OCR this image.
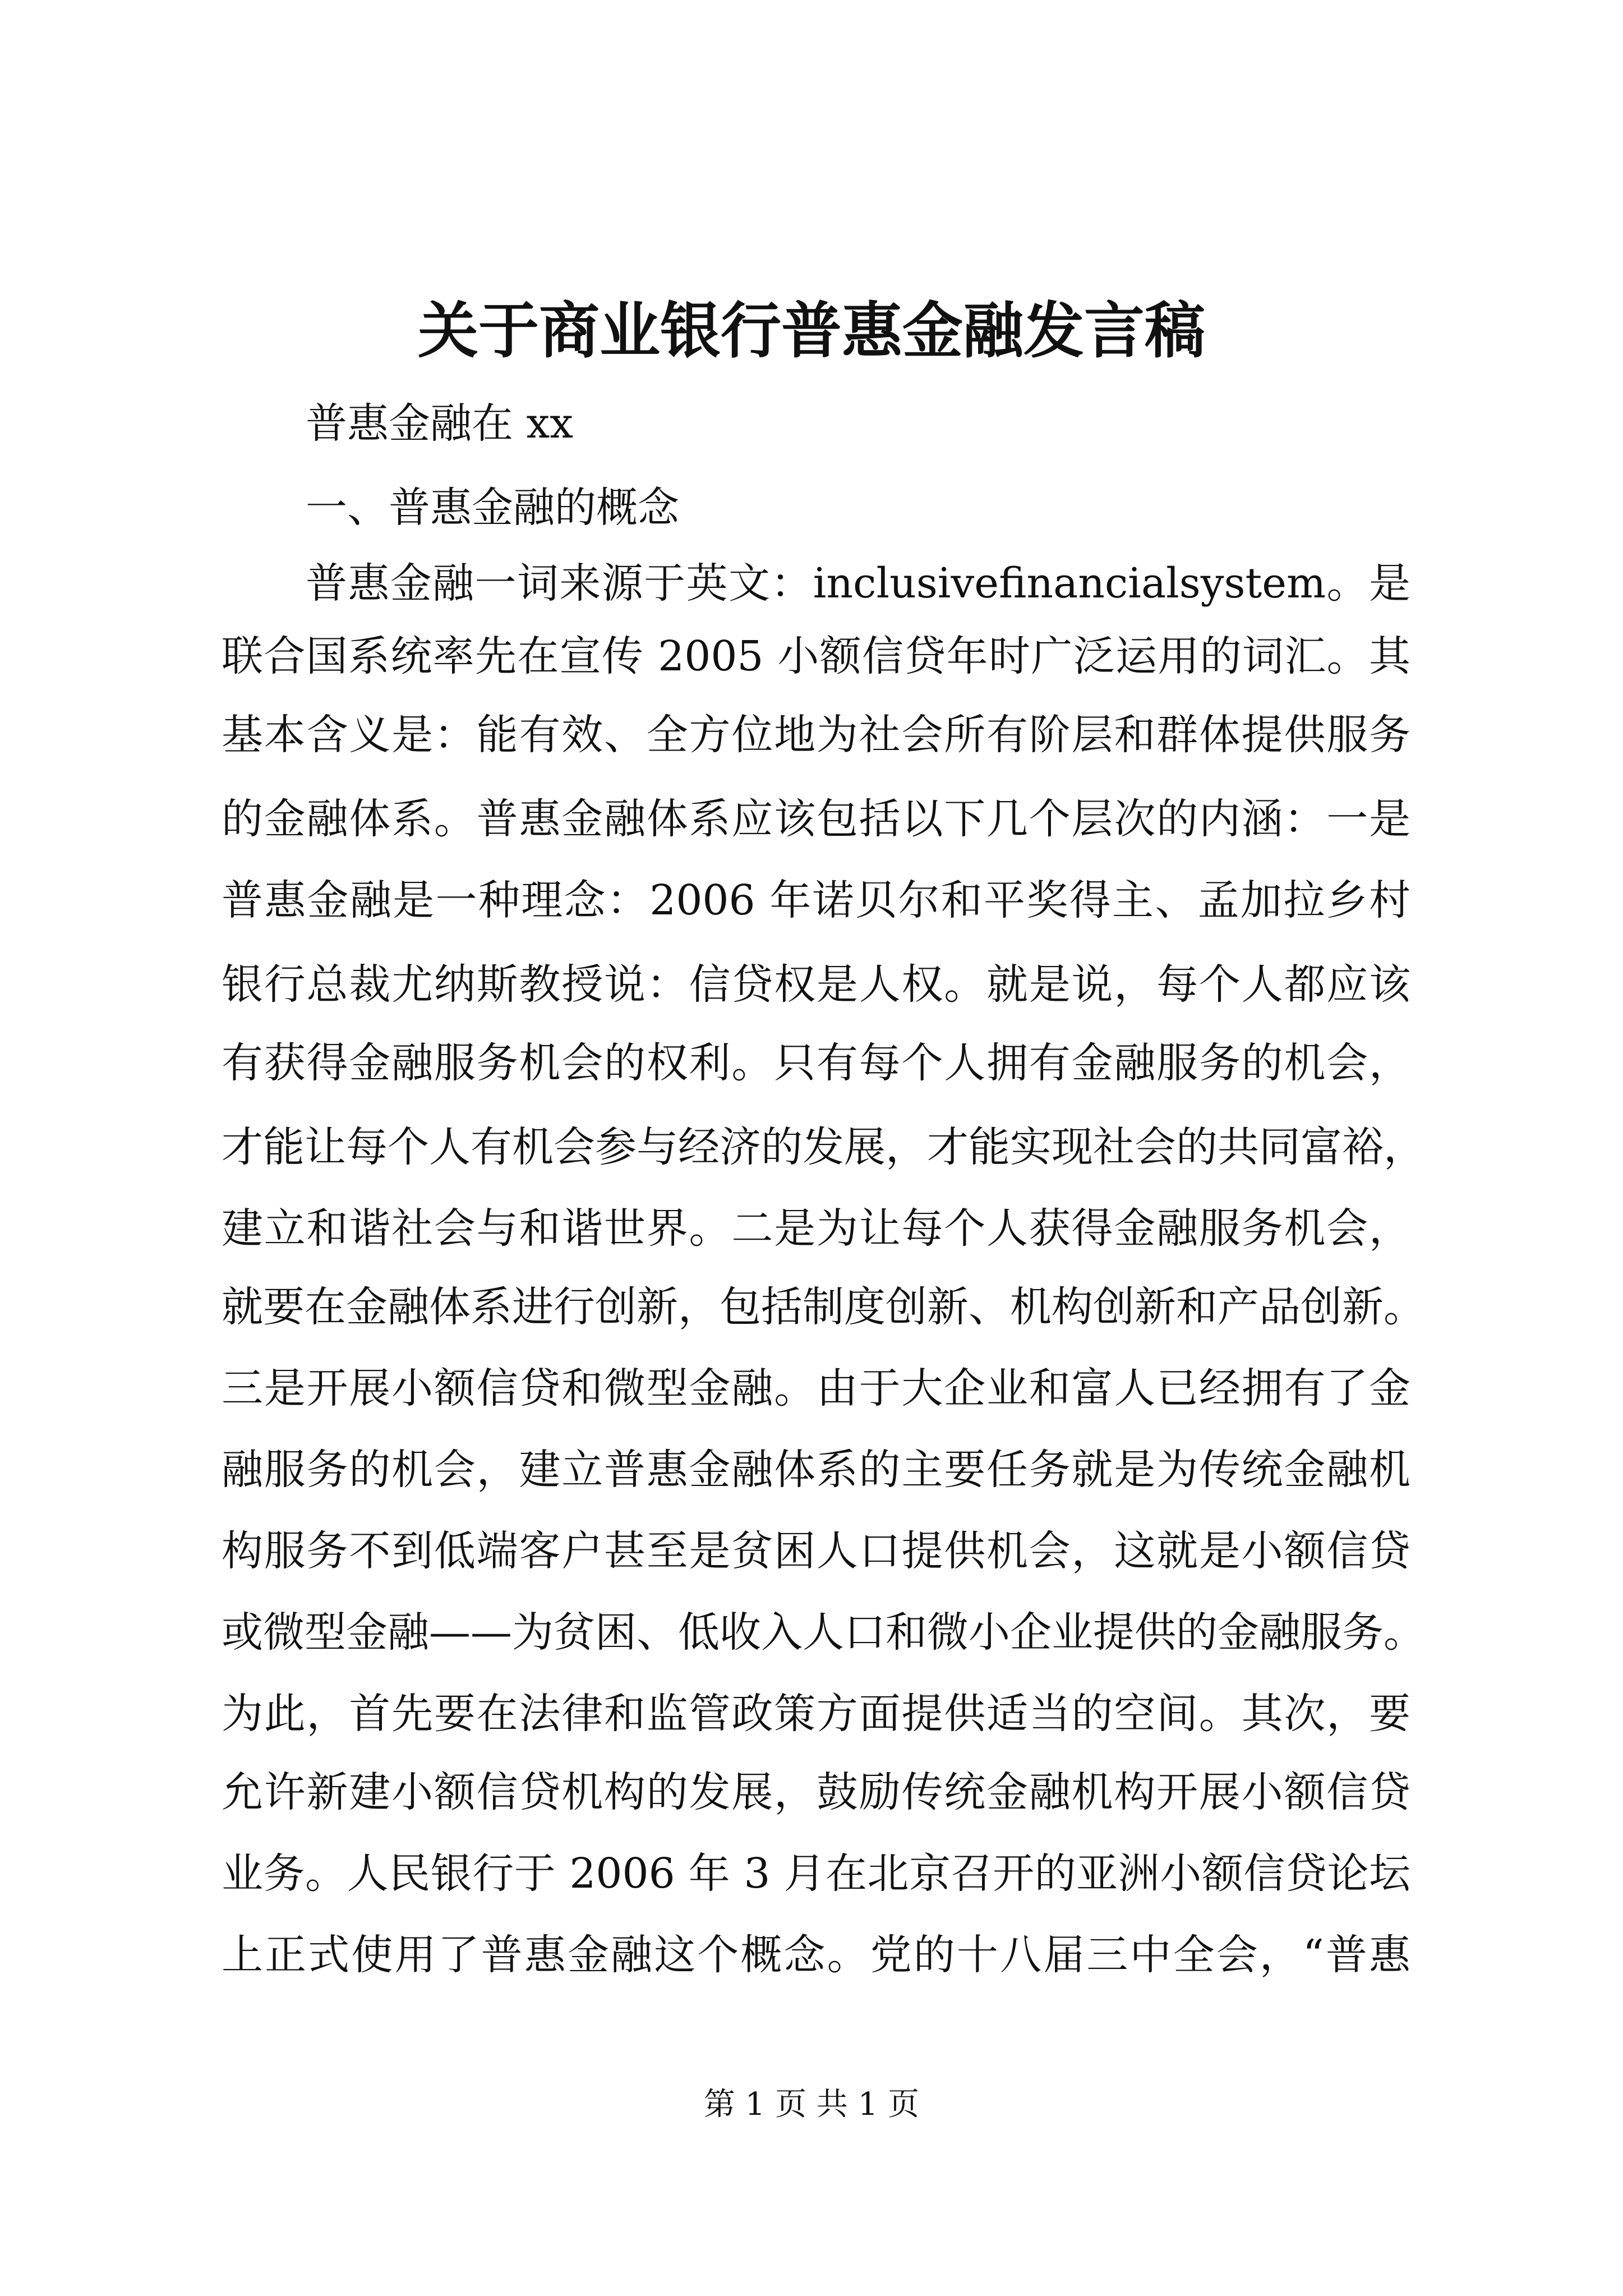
关于商业银行普惠金融发言稿

普惠金融在 xx

一、普惠金融的概念

普惠金融一词来源于英文：inclusivefinancialsystem。是

联合国系统率先在宣传 2005 小额信贷年时广泛运用的词汇。其

基本含义是：能有效、全方位地为社会所有阶层和群体提供服务

的金融体系。普惠金融体系应该包括以下几个层次的内涵：一是

普惠金融是一种理念：2006 年诺贝尔和平奖得主、孟加拉乡村

银行总裁尤纳斯教授说：信贷权是人权。就是说，每个人都应该

有获得金融服务机会的权利。只有每个人拥有金融服务的机会，

才能让每个人有机会参与经济的发展，才能实现社会的共同富裕，

建立和谐社会与和谐世界。二是为让每个人获得金融服务机会，

就要在金融体系进行创新，包括制度创新、机构创新和产品创新。

三是开展小额信贷和微型金融。由于大企业和富人已经拥有了金

融服务的机会，建立普惠金融体系的主要任务就是为传统金融机

构服务不到低端客户甚至是贫困人口提供机会，这就是小额信贷

或微型金融——为贫困、低收入人口和微小企业提供的金融服务。

为此，首先要在法律和监管政策方面提供适当的空间。其次，要

允许新建小额信贷机构的发展，鼓励传统金融机构开展小额信贷

业务。人民银行于 2006 年 3 月在北京召开的亚洲小额信贷论坛

上正式使用了普惠金融这个概念。党的十八届三中全会，“普惠

第 1 页 共 1 页
